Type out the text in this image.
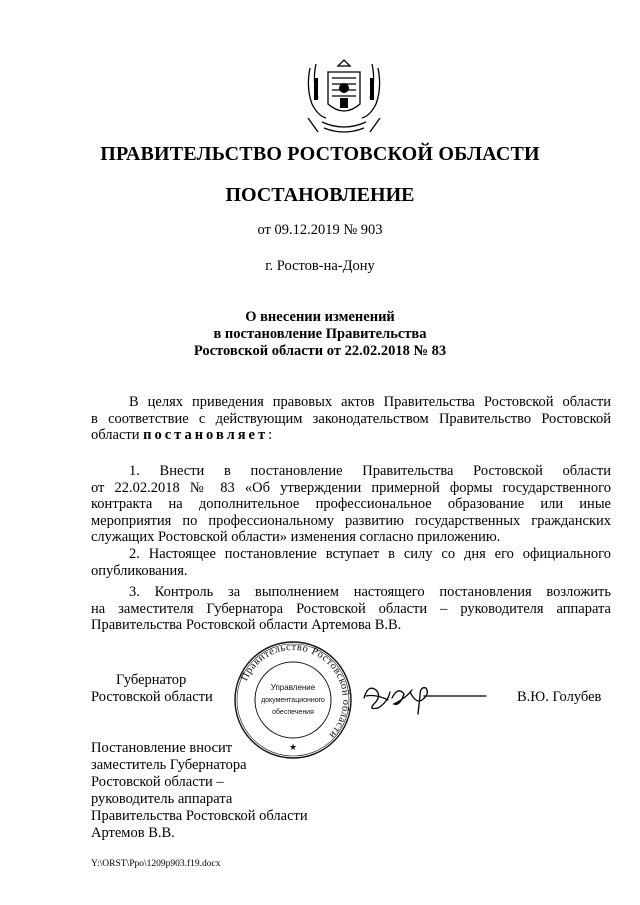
ПРАВИТЕЛЬСТВО РОСТОВСКОЙ ОБЛАСТИ
ПОСТАНОВЛЕНИЕ
от 09.12.2019 № 903
г. Ростов-на-Дону
О внесении изменений
в постановление Правительства
Ростовской области от 22.02.2018 № 83
В целях приведения правовых актов Правительства Ростовской области
в соответствие с действующим законодательством Правительство Ростовской
области постановляет:
1. Внести в постановление Правительства Ростовской области
от 22.02.2018 № 83 «Об утверждении примерной формы государственного
контракта на дополнительное профессиональное образование или иные
мероприятия по профессиональному развитию государственных гражданских
служащих Ростовской области» изменения согласно приложению.
2. Настоящее постановление вступает в силу со дня его официального
опубликования.
3. Контроль за выполнением настоящего постановления возложить
на заместителя Губернатора Ростовской области – руководителя аппарата
Правительства Ростовской области Артемова В.В.
Губернатор
Ростовской области	В.Ю. Голубев
Правительство Ростовской области
Управление
документационного
обеспечения
★
Постановление вносит
заместитель Губернатора
Ростовской области –
руководитель аппарата
Правительства Ростовской области
Артемов В.В.
Y:\ORST\Ppo\1209p903.f19.docx
